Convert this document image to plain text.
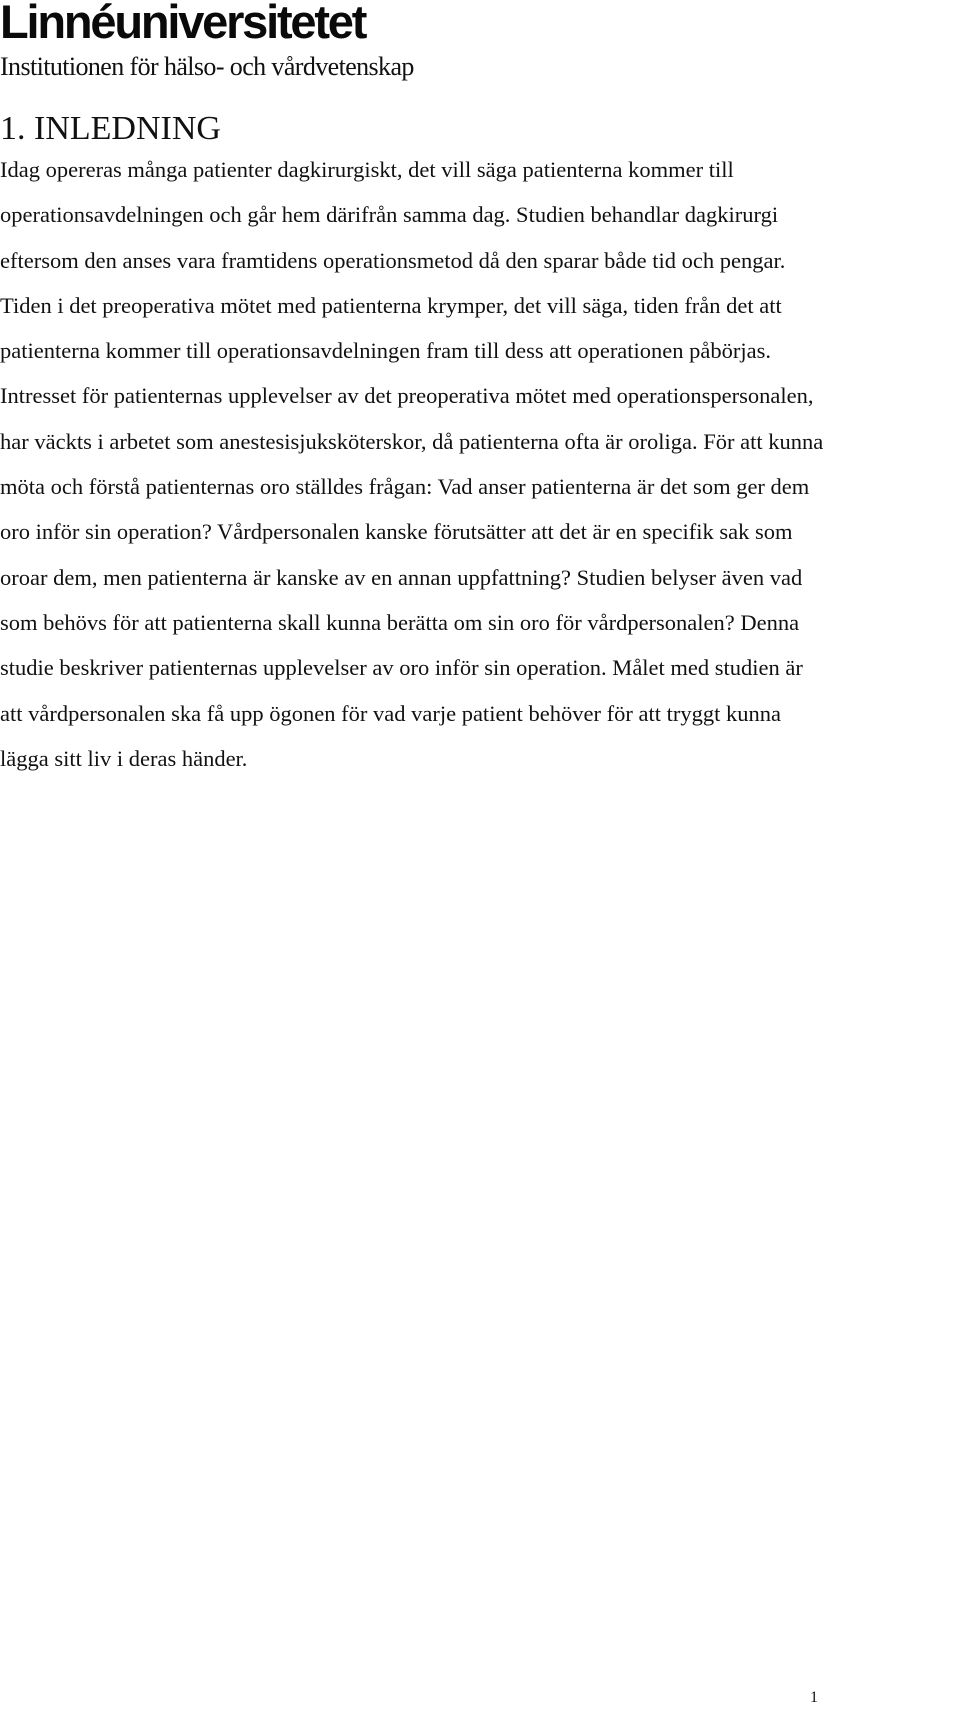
Linnéuniversitetet
Institutionen för hälso- och vårdvetenskap
1. INLEDNING
Idag opereras många patienter dagkirurgiskt, det vill säga patienterna kommer till
operationsavdelningen och går hem därifrån samma dag. Studien behandlar dagkirurgi
eftersom den anses vara framtidens operationsmetod då den sparar både tid och pengar.
Tiden i det preoperativa mötet med patienterna krymper, det vill säga, tiden från det att
patienterna kommer till operationsavdelningen fram till dess att operationen påbörjas.
Intresset för patienternas upplevelser av det preoperativa mötet med operationspersonalen,
har väckts i arbetet som anestesisjuksköterskor, då patienterna ofta är oroliga. För att kunna
möta och förstå patienternas oro ställdes frågan: Vad anser patienterna är det som ger dem
oro inför sin operation? Vårdpersonalen kanske förutsätter att det är en specifik sak som
oroar dem, men patienterna är kanske av en annan uppfattning? Studien belyser även vad
som behövs för att patienterna skall kunna berätta om sin oro för vårdpersonalen? Denna
studie beskriver patienternas upplevelser av oro inför sin operation. Målet med studien är
att vårdpersonalen ska få upp ögonen för vad varje patient behöver för att tryggt kunna
lägga sitt liv i deras händer.
1
